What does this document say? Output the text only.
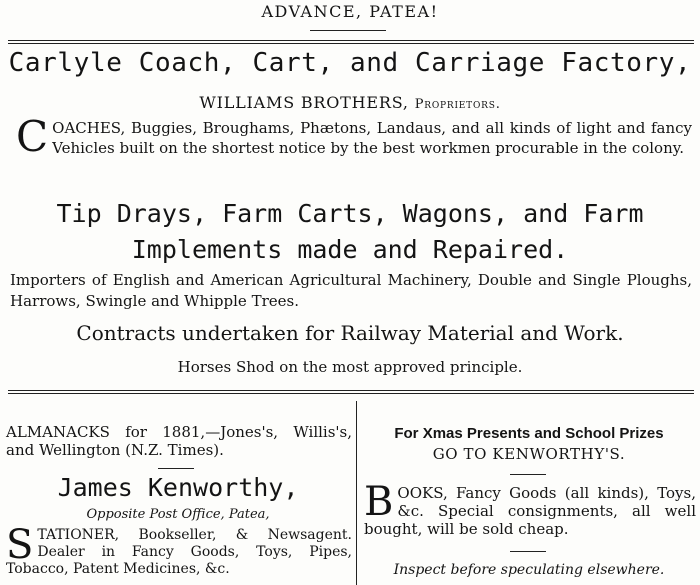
ADVANCE, PATEA!
Carlyle Coach, Cart, and Carriage Factory,
WILLIAMS BROTHERS, Proprietors.
C OACHES, Buggies, Broughams, Phætons, Landaus, and all kinds of light and fancy Vehicles built on the shortest notice by the best workmen procurable in the colony.
Tip Drays, Farm Carts, Wagons, and Farm
Implements made and Repaired.
Importers of English and American Agricultural Machinery, Double and Single Ploughs, Harrows, Swingle and Whipple Trees.
Contracts undertaken for Railway Material and Work.
Horses Shod on the most approved principle.
ALMANACKS for 1881,—Jones's, Willis's, and Wellington (N.Z. Times).
James Kenworthy,
Opposite Post Office, Patea,
S TATIONER, Bookseller, & Newsagent. Dealer in Fancy Goods, Toys, Pipes, Tobacco, Patent Medicines, &c.
For Xmas Presents and School Prizes
GO TO KENWORTHY'S.
B OOKS, Fancy Goods (all kinds), Toys, &c. Special consignments, all well bought, will be sold cheap.
Inspect before speculating elsewhere.
